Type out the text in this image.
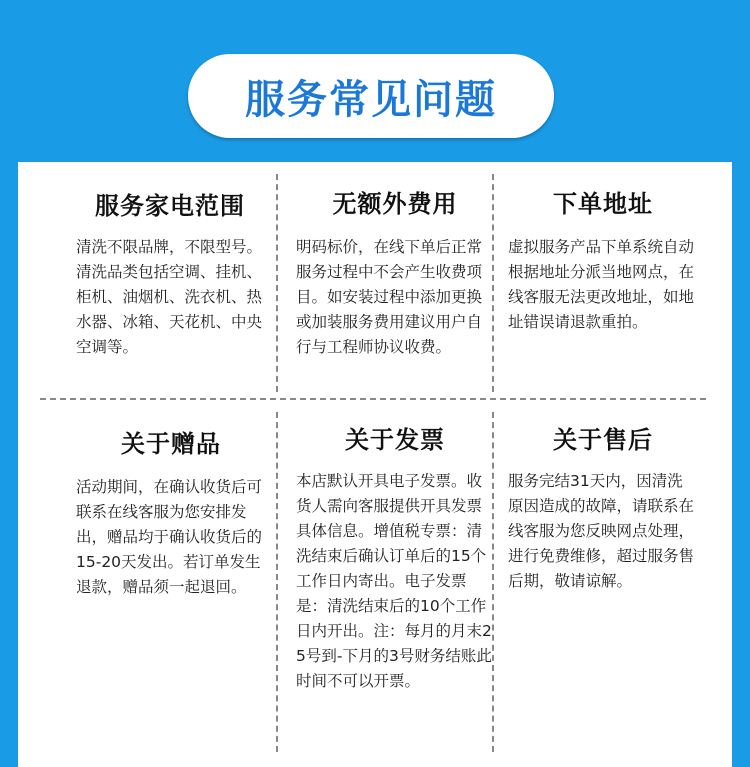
服务常见问题
服务家电范围

清洗不限品牌，不限型号。清洗品类包括空调、挂机、柜机、油烟机、洗衣机、热水器、冰箱、天花机、中央空调等。

无额外费用

明码标价，在线下单后正常服务过程中不会产生收费项目。如安装过程中添加更换或加装服务费用建议用户自行与工程师协议收费。

下单地址

虚拟服务产品下单系统自动根据地址分派当地网点，在线客服无法更改地址，如地址错误请退款重拍。

关于赠品

活动期间，在确认收货后可联系在线客服为您安排发出，赠品均于确认收货后的15-20天发出。若订单发生退款，赠品须一起退回。

关于发票

本店默认开具电子发票。收货人需向客服提供开具发票具体信息。增值税专票：清洗结束后确认订单后的15个工作日内寄出。电子发票是：清洗结束后的10个工作日内开出。注：每月的月末25号到-下月的3号财务结账此时间不可以开票。

关于售后

服务完结31天内，因清洗原因造成的故障，请联系在线客服为您反映网点处理，进行免费维修，超过服务售后期，敬请谅解。
